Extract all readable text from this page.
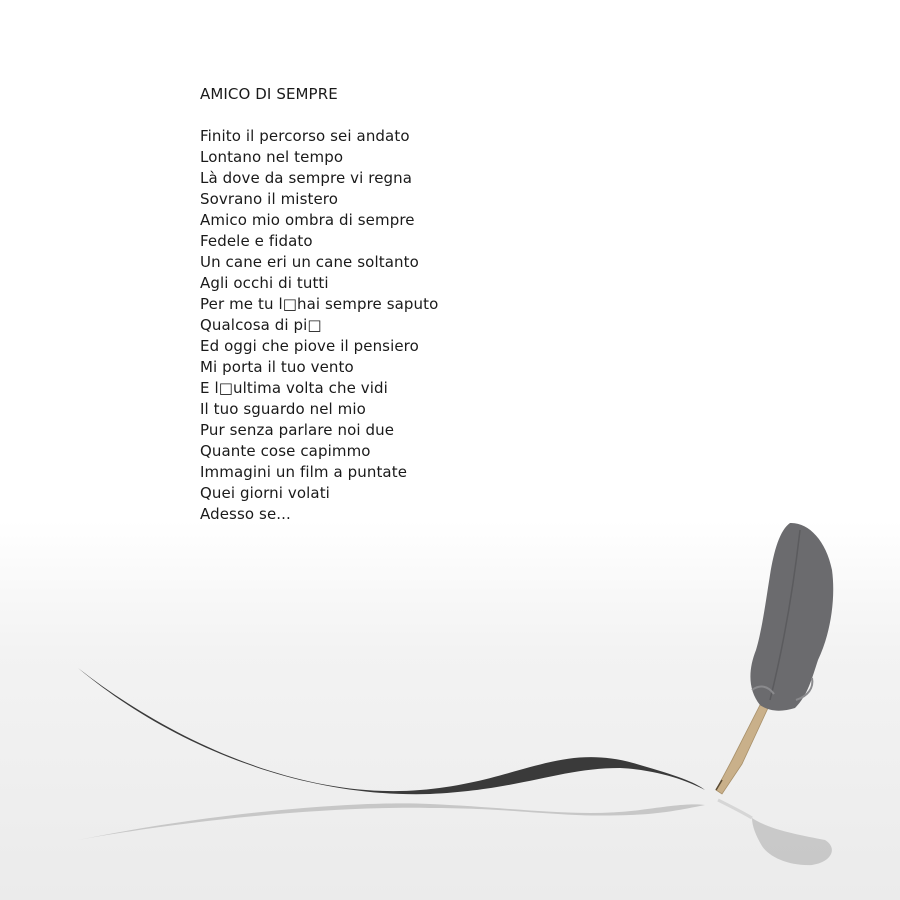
AMICO DI SEMPRE
Finito il percorso sei andato
Lontano nel tempo
Là dove da sempre vi regna
Sovrano il mistero
Amico mio ombra di sempre
Fedele e fidato
Un cane eri un cane soltanto
Agli occhi di tutti
Per me tu l□hai sempre saputo
Qualcosa di pi□
Ed oggi che piove il pensiero
Mi porta il tuo vento
E l□ultima volta che vidi
Il tuo sguardo nel mio
Pur senza parlare noi due
Quante cose capimmo
Immagini un film a puntate
Quei giorni volati
Adesso se...
